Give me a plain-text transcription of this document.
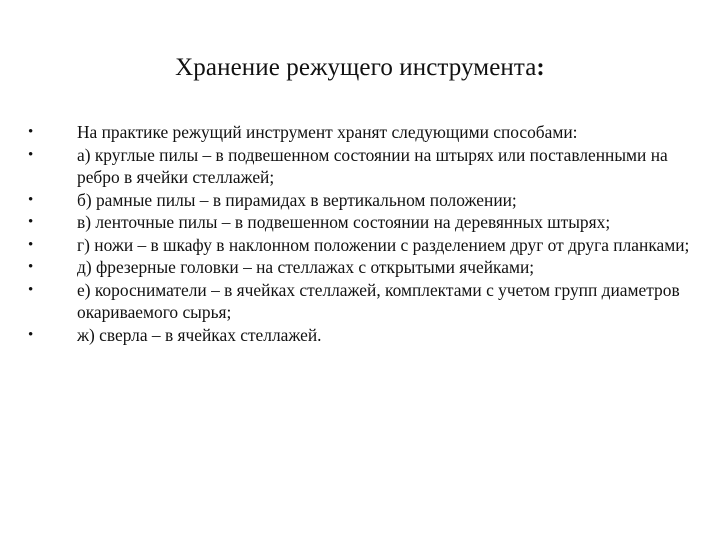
Хранение режущего инструмента:
•	На практике режущий инструмент хранят следующими способами:
•	а) круглые пилы – в подвешенном состоянии на штырях или поставленными на ребро в ячейки стеллажей;
•	б) рамные пилы – в пирамидах в вертикальном положении;
•	в) ленточные пилы – в подвешенном состоянии на деревянных штырях;
•	г) ножи – в шкафу в наклонном положении с разделением друг от друга планками;
•	д) фрезерные головки – на стеллажах с открытыми ячейками;
•	е) коросниматели – в ячейках стеллажей, комплектами с учетом групп диаметров окариваемого сырья;
•	ж) сверла – в ячейках стеллажей.
